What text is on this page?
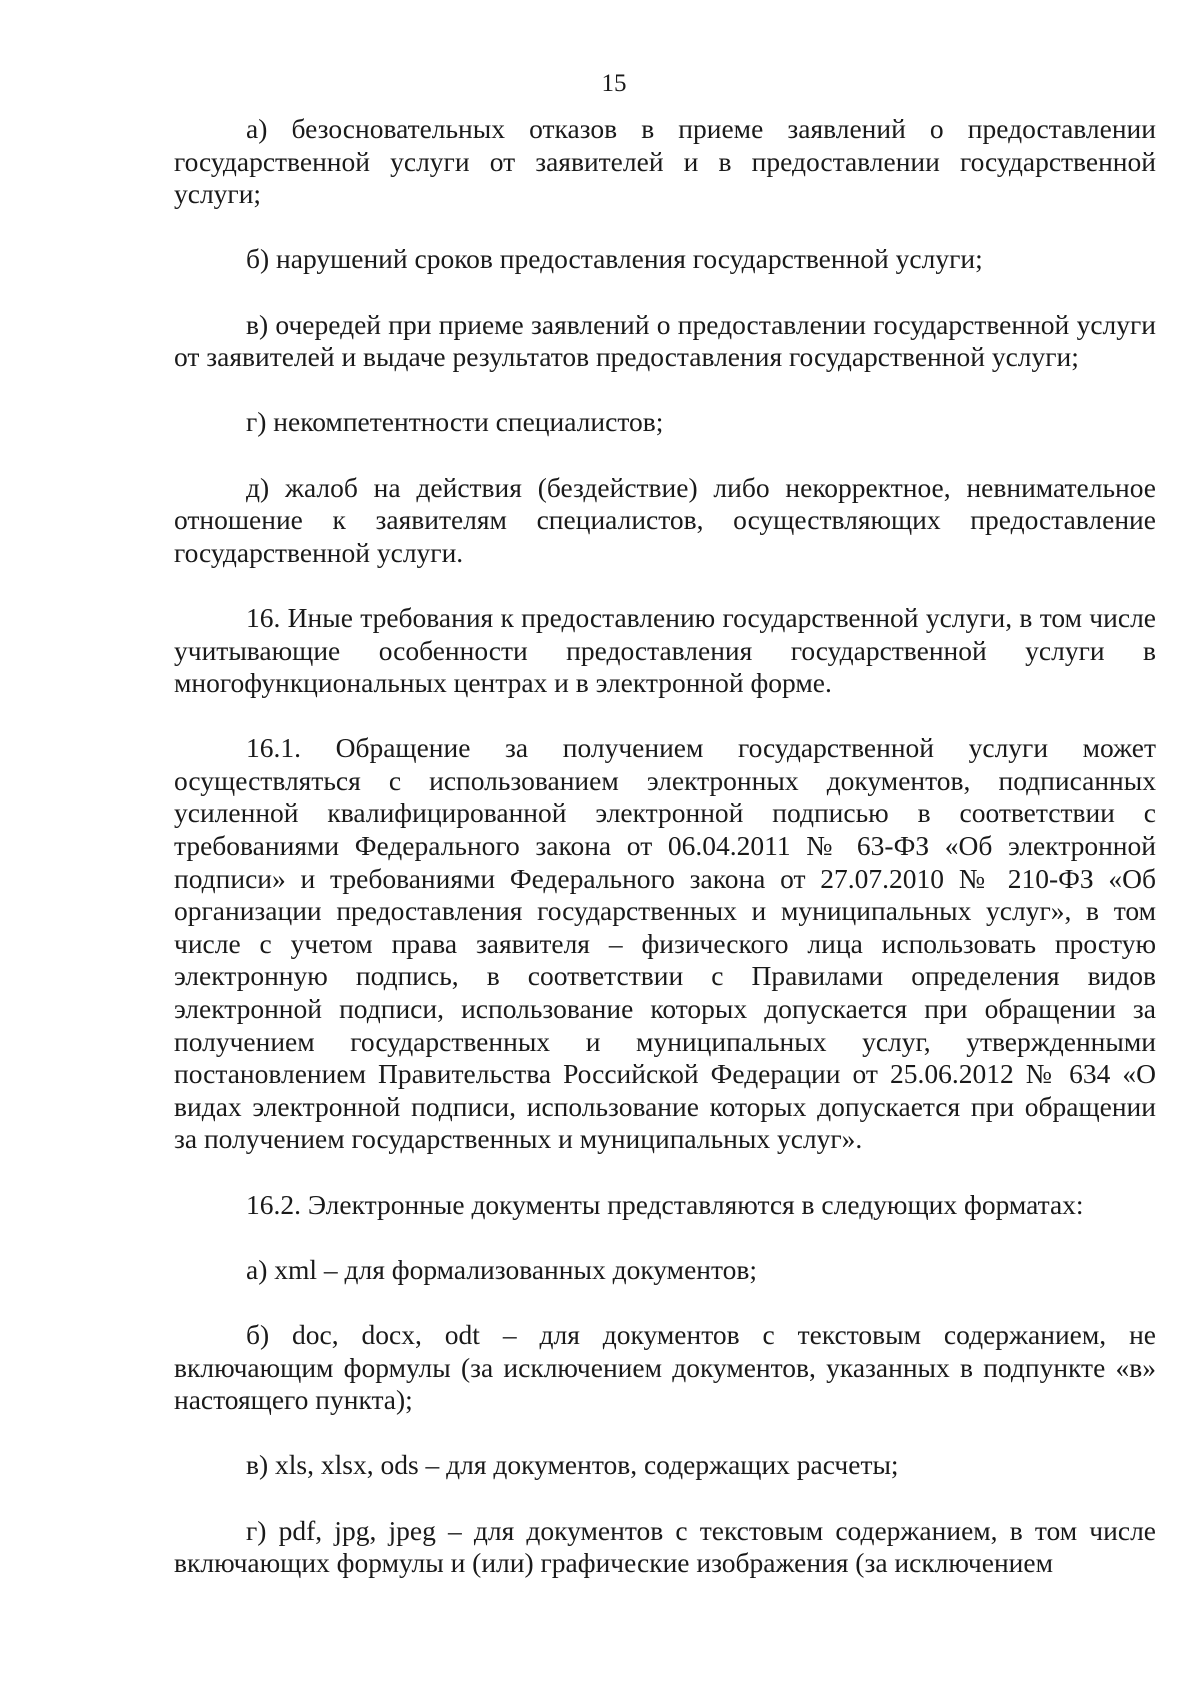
15

а) безосновательных отказов в приеме заявлений о предоставлении государственной услуги от заявителей и в предоставлении государственной услуги;

б) нарушений сроков предоставления государственной услуги;

в) очередей при приеме заявлений о предоставлении государственной услуги от заявителей и выдаче результатов предоставления государственной услуги;

г) некомпетентности специалистов;

д) жалоб на действия (бездействие) либо некорректное, невнимательное отношение к заявителям специалистов, осуществляющих предоставление государственной услуги.

16. Иные требования к предоставлению государственной услуги, в том числе учитывающие особенности предоставления государственной услуги в многофункциональных центрах и в электронной форме.

16.1. Обращение за получением государственной услуги может осуществляться с использованием электронных документов, подписанных усиленной квалифицированной электронной подписью в соответствии с требованиями Федерального закона от 06.04.2011 № 63-ФЗ «Об электронной подписи» и требованиями Федерального закона от 27.07.2010 № 210-ФЗ «Об организации предоставления государственных и муниципальных услуг», в том числе с учетом права заявителя – физического лица использовать простую электронную подпись, в соответствии с Правилами определения видов электронной подписи, использование которых допускается при обращении за получением государственных и муниципальных услуг, утвержденными постановлением Правительства Российской Федерации от 25.06.2012 № 634 «О видах электронной подписи, использование которых допускается при обращении за получением государственных и муниципальных услуг».

16.2. Электронные документы представляются в следующих форматах:

а) xml – для формализованных документов;

б) doc, docx, odt – для документов с текстовым содержанием, не включающим формулы (за исключением документов, указанных в подпункте «в» настоящего пункта);

в) xls, xlsx, ods – для документов, содержащих расчеты;

г) pdf, jpg, jpeg – для документов с текстовым содержанием, в том числе включающих формулы и (или) графические изображения (за исключением
